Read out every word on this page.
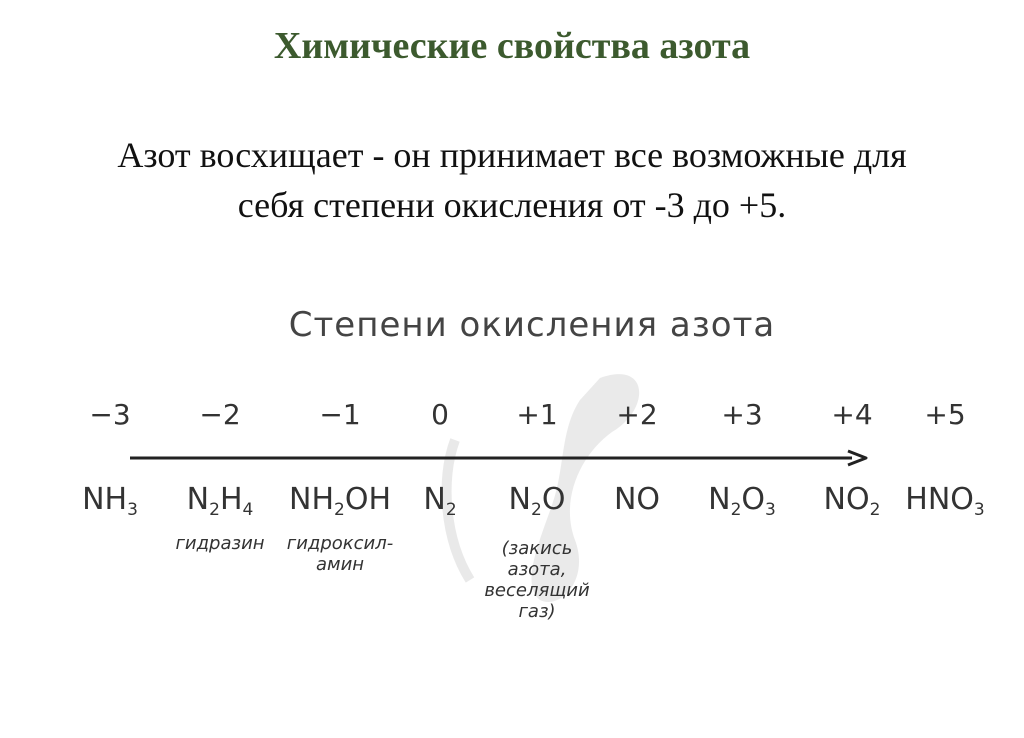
Химические свойства азота
Азот восхищает - он принимает все возможные для
себя степени окисления от -3 до +5.
Степени окисления азота
−3	−2	−1	0	+1	+2	+3	+4	+5
$NH_3$	$N_2H_4$	$NH_2OH$	$N_2$	$N_2O$	NO	$N_2O_3$	$NO_2$ $HNO_3$
гидразин	гидроксил-
амин
(закись
азота,
веселящий
газ)
